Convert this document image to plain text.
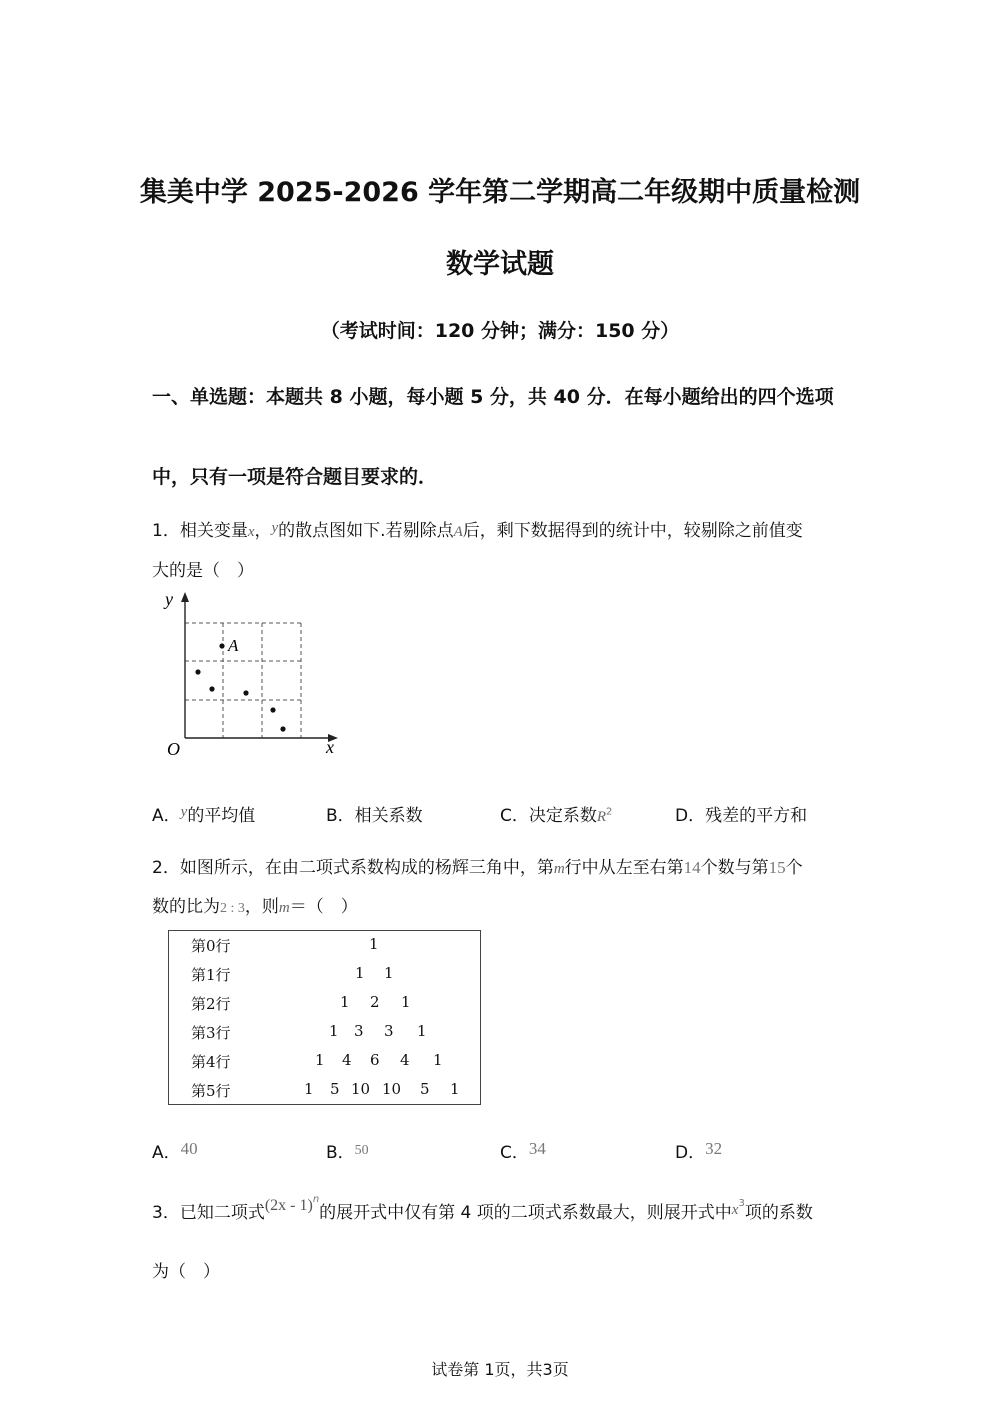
集美中学 2025-2026 学年第二学期高二年级期中质量检测
数学试题
（考试时间：120 分钟；满分：150 分）
一、单选题：本题共 8 小题，每小题 5 分，共 40 分．在每小题给出的四个选项
中，只有一项是符合题目要求的．
1．相关变量x，y的散点图如下.若剔除点A后，剩下数据得到的统计中，较剔除之前值变
大的是（　）
A
y
x
O
A．y的平均值	B．相关系数	C．决定系数$R^2$	D．残差的平方和
2．如图所示，在由二项式系数构成的杨辉三角中，第m行中从左至右第14个数与第15个
数的比为2 : 3，则m＝（　）
第0行	1
第1行	1 1
第2行	1 2 1
第3行	1 3 3 1
第4行	1 4 6 4 1
第5行	1 5 10 10 5 1
A．40	B．$^{50}$	C．34	D．32
3．已知二项式(2x - 1)$^n$的展开式中仅有第 4 项的二项式系数最大，则展开式中$x^3$项的系数
为（　）
试卷第 1页，共3页
